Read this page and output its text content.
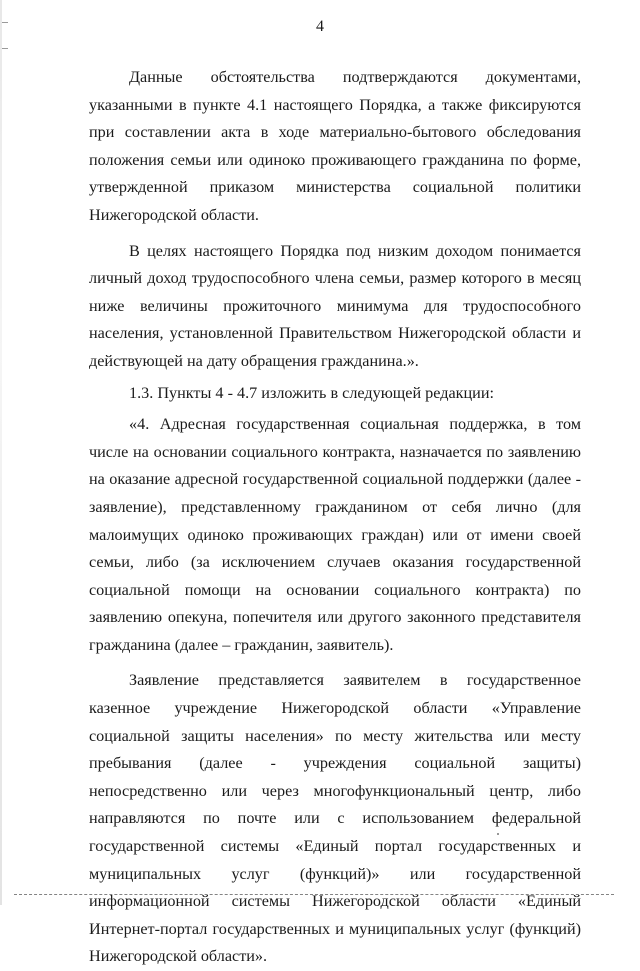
4

Данные обстоятельства подтверждаются документами, указанными в пункте 4.1 настоящего Порядка, а также фиксируются при составлении акта в ходе материально-бытового обследования положения семьи или одиноко проживающего гражданина по форме, утвержденной приказом министерства социальной политики Нижегородской области.

В целях настоящего Порядка под низким доходом понимается личный доход трудоспособного члена семьи, размер которого в месяц ниже величины прожиточного минимума для трудоспособного населения, установленной Правительством Нижегородской области и действующей на дату обращения гражданина.».

1.3. Пункты 4 - 4.7 изложить в следующей редакции:

«4. Адресная государственная социальная поддержка, в том числе на основании социального контракта, назначается по заявлению на оказание адресной государственной социальной поддержки (далее - заявление), представленному гражданином от себя лично (для малоимущих одиноко проживающих граждан) или от имени своей семьи, либо (за исключением случаев оказания государственной социальной помощи на основании социального контракта) по заявлению опекуна, попечителя или другого законного представителя гражданина (далее – гражданин, заявитель).

Заявление представляется заявителем в государственное казенное учреждение Нижегородской области «Управление социальной защиты населения» по месту жительства или месту пребывания (далее - учреждения социальной защиты) непосредственно или через многофункциональный центр, либо направляются по почте или с использованием федеральной государственной системы «Единый портал государственных и муниципальных услуг (функций)» или государственной информационной системы Нижегородской области «Единый Интернет-портал государственных и муниципальных услуг (функций) Нижегородской области».
